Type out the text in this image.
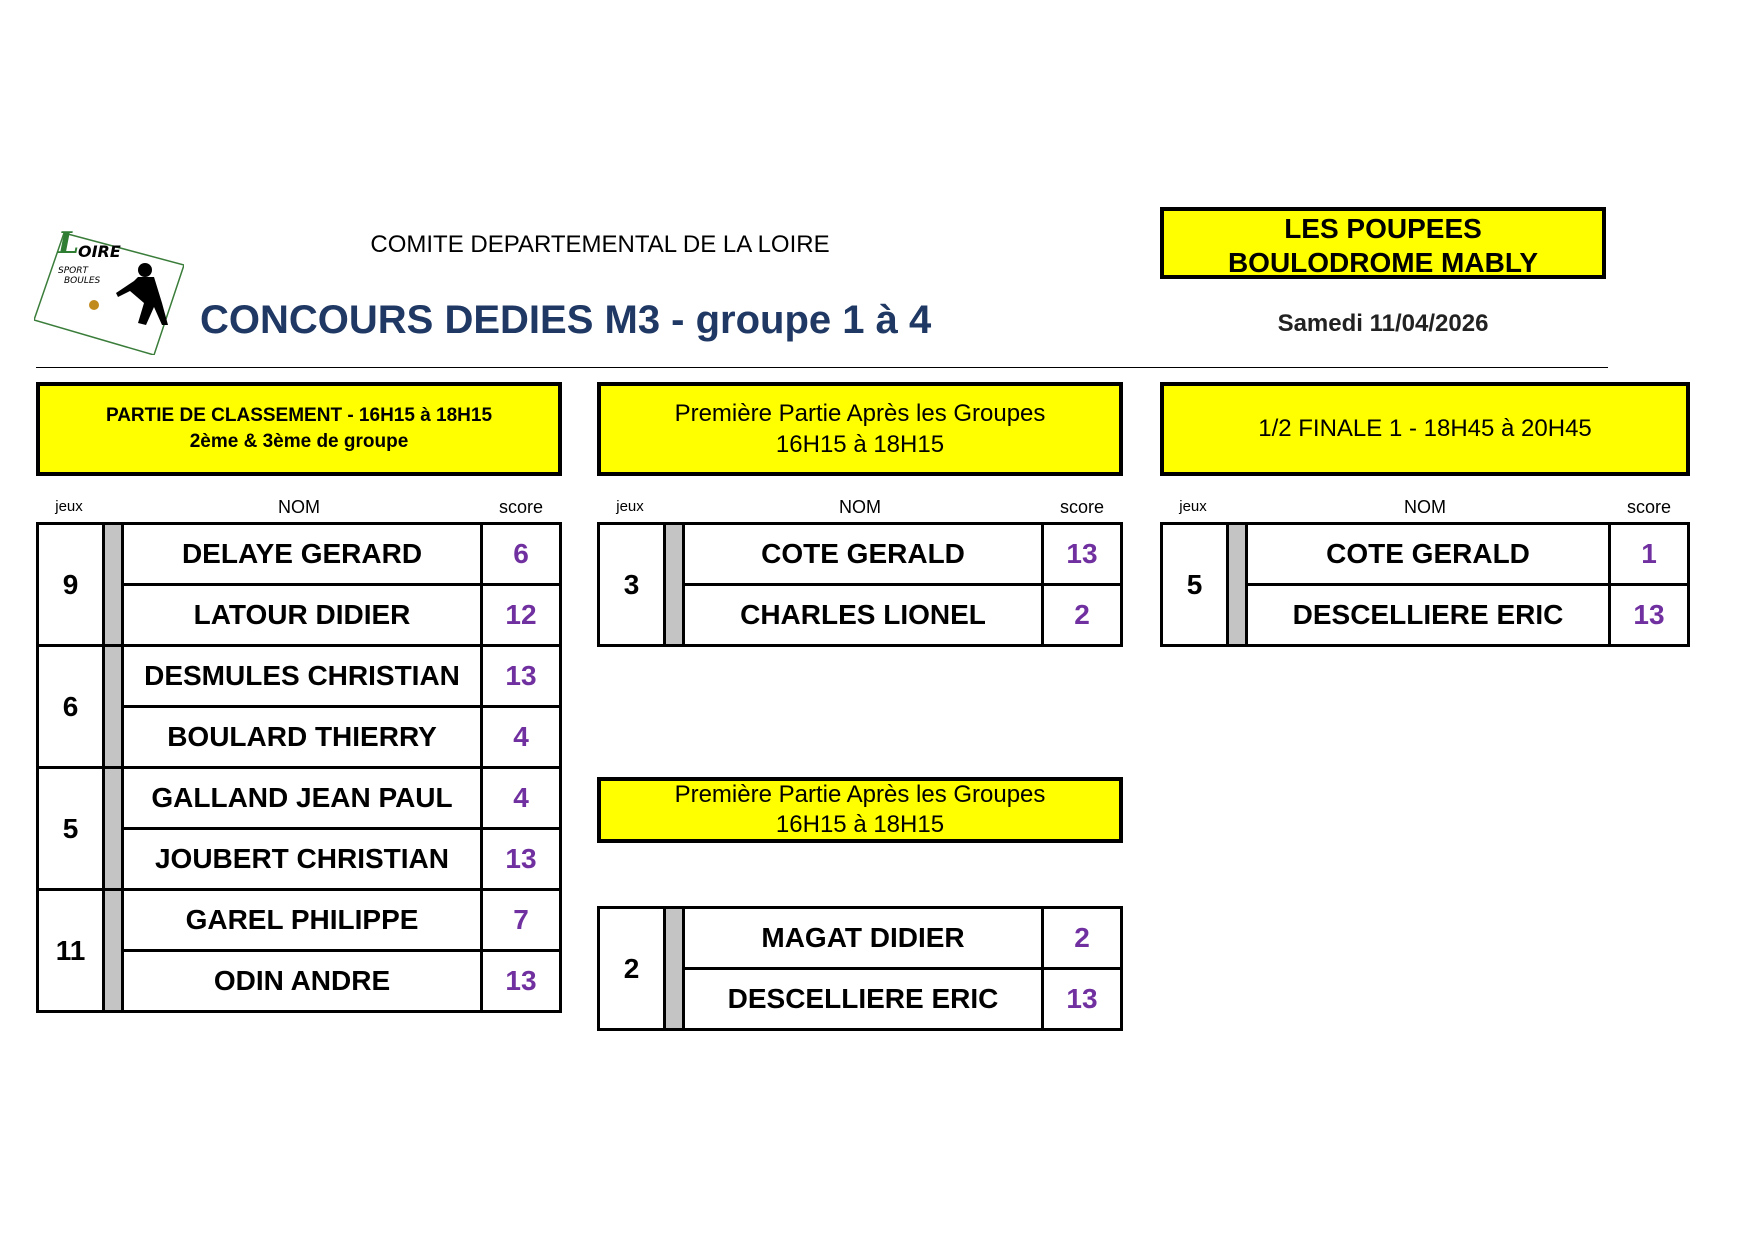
L
OIRE
SPORT
BOULES
COMITE DEPARTEMENTAL DE LA LOIRE
CONCOURS DEDIES M3 - groupe 1 à 4
LES POUPEES
BOULODROME MABLY
Samedi 11/04/2026
PARTIE DE CLASSEMENT - 16H15 à 18H15
2ème & 3ème de groupe
Première Partie Après les Groupes
16H15 à 18H15
1/2 FINALE 1 - 18H45 à 20H45
Première Partie Après les Groupes
16H15 à 18H15
jeux	NOM	score	jeux	NOM	score	jeux	NOM	score
9		DELAYE GERARD	6
		LATOUR DIDIER	12
6		DESMULES CHRISTIAN	13
		BOULARD THIERRY	4
5		GALLAND JEAN PAUL	4
		JOUBERT CHRISTIAN	13
11		GAREL PHILIPPE	7
		ODIN ANDRE	13
3		COTE GERALD	13
		CHARLES LIONEL	2
2		MAGAT DIDIER	2
		DESCELLIERE ERIC	13
5		COTE GERALD	1
		DESCELLIERE ERIC	13
